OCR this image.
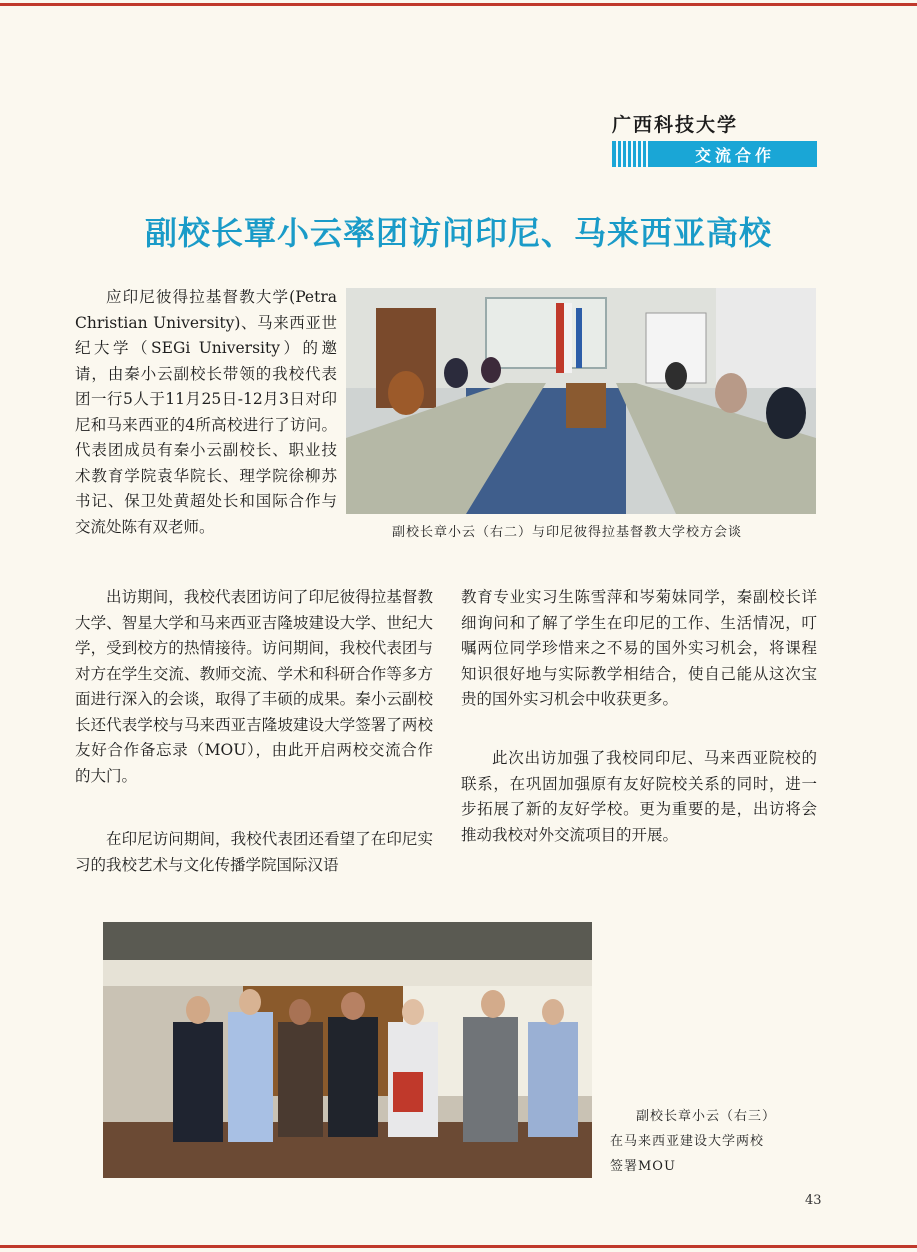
广西科技大学
交流合作
副校长覃小云率团访问印尼、马来西亚高校

应印尼彼得拉基督教大学(Petra Christian University)、马来西亚世纪大学（SEGi University）的邀请，由秦小云副校长带领的我校代表团一行5人于11月25日-12月3日对印尼和马来西亚的4所高校进行了访问。代表团成员有秦小云副校长、职业技术教育学院袁华院长、理学院徐柳苏书记、保卫处黄超处长和国际合作与交流处陈有双老师。	副校长章小云（右二）与印尼彼得拉基督教大学校方会谈

出访期间，我校代表团访问了印尼彼得拉基督教大学、智星大学和马来西亚吉隆坡建设大学、世纪大学，受到校方的热情接待。访问期间，我校代表团与对方在学生交流、教师交流、学术和科研合作等多方面进行深入的会谈，取得了丰硕的成果。秦小云副校长还代表学校与马来西亚吉隆坡建设大学签署了两校友好合作备忘录（MOU），由此开启两校交流合作的大门。

在印尼访问期间，我校代表团还看望了在印尼实习的我校艺术与文化传播学院国际汉语

教育专业实习生陈雪萍和岑菊妹同学，秦副校长详细询问和了解了学生在印尼的工作、生活情况，叮嘱两位同学珍惜来之不易的国外实习机会，将课程知识很好地与实际教学相结合，使自己能从这次宝贵的国外实习机会中收获更多。

此次出访加强了我校同印尼、马来西亚院校的联系，在巩固加强原有友好院校关系的同时，进一步拓展了新的友好学校。更为重要的是，出访将会推动我校对外交流项目的开展。

副校长章小云（右三）
在马来西亚建设大学两校
签署MOU
43
